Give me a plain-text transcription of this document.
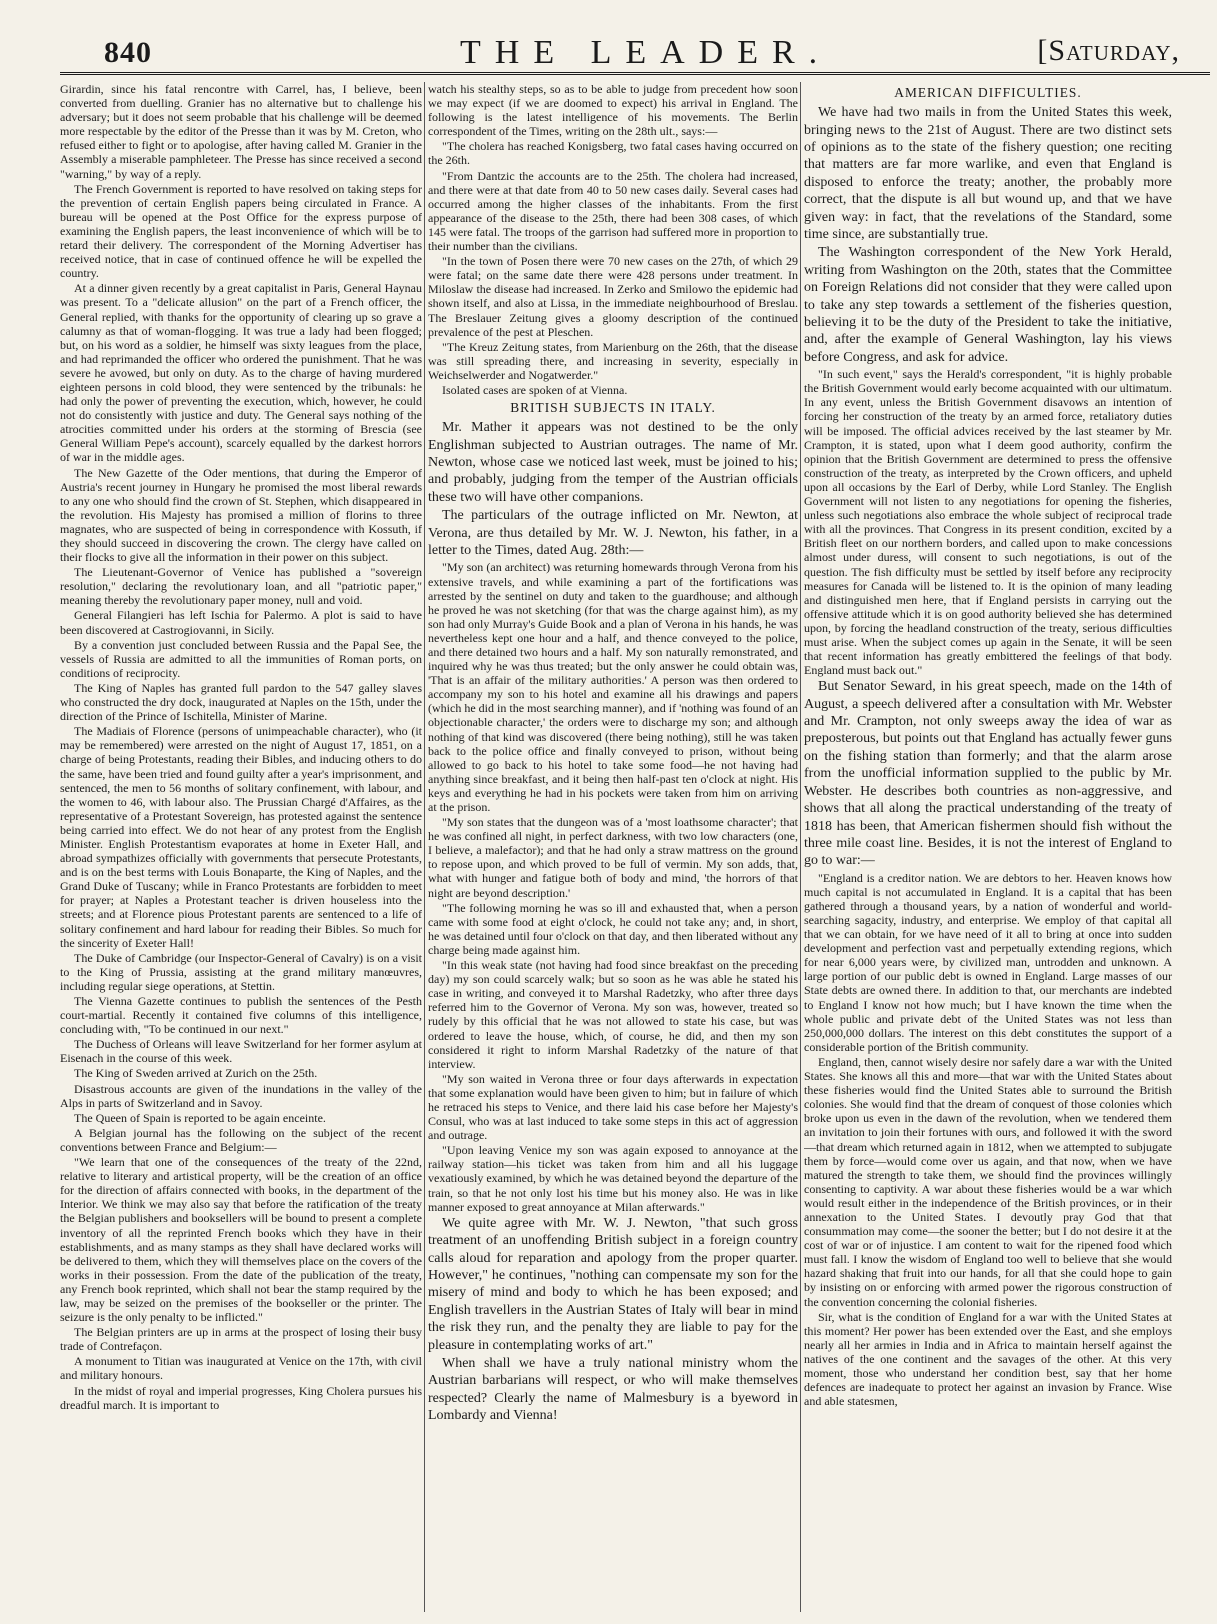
840	THE LEADER.	[Saturday,

Girardin, since his fatal rencontre with Carrel, has, I believe, been converted from duelling. Granier has no alternative but to challenge his adversary; but it does not seem probable that his challenge will be deemed more respectable by the editor of the Presse than it was by M. Creton, who refused either to fight or to apologise, after having called M. Granier in the Assembly a miserable pamphleteer. The Presse has since received a second "warning," by way of a reply.

The French Government is reported to have resolved on taking steps for the prevention of certain English papers being circulated in France. A bureau will be opened at the Post Office for the express purpose of examining the English papers, the least inconvenience of which will be to retard their delivery. The correspondent of the Morning Advertiser has received notice, that in case of continued offence he will be expelled the country.

At a dinner given recently by a great capitalist in Paris, General Haynau was present. To a "delicate allusion" on the part of a French officer, the General replied, with thanks for the opportunity of clearing up so grave a calumny as that of woman-flogging. It was true a lady had been flogged; but, on his word as a soldier, he himself was sixty leagues from the place, and had reprimanded the officer who ordered the punishment. That he was severe he avowed, but only on duty. As to the charge of having murdered eighteen persons in cold blood, they were sentenced by the tribunals: he had only the power of preventing the execution, which, however, he could not do consistently with justice and duty. The General says nothing of the atrocities committed under his orders at the storming of Brescia (see General William Pepe's account), scarcely equalled by the darkest horrors of war in the middle ages.

The New Gazette of the Oder mentions, that during the Emperor of Austria's recent journey in Hungary he promised the most liberal rewards to any one who should find the crown of St. Stephen, which disappeared in the revolution. His Majesty has promised a million of florins to three magnates, who are suspected of being in correspondence with Kossuth, if they should succeed in discovering the crown. The clergy have called on their flocks to give all the information in their power on this subject.

The Lieutenant-Governor of Venice has published a "sovereign resolution," declaring the revolutionary loan, and all "patriotic paper," meaning thereby the revolutionary paper money, null and void.

General Filangieri has left Ischia for Palermo. A plot is said to have been discovered at Castrogiovanni, in Sicily.

By a convention just concluded between Russia and the Papal See, the vessels of Russia are admitted to all the immunities of Roman ports, on conditions of reciprocity.

The King of Naples has granted full pardon to the 547 galley slaves who constructed the dry dock, inaugurated at Naples on the 15th, under the direction of the Prince of Ischitella, Minister of Marine.

The Madiais of Florence (persons of unimpeachable character), who (it may be remembered) were arrested on the night of August 17, 1851, on a charge of being Protestants, reading their Bibles, and inducing others to do the same, have been tried and found guilty after a year's imprisonment, and sentenced, the men to 56 months of solitary confinement, with labour, and the women to 46, with labour also. The Prussian Chargé d'Affaires, as the representative of a Protestant Sovereign, has protested against the sentence being carried into effect. We do not hear of any protest from the English Minister. English Protestantism evaporates at home in Exeter Hall, and abroad sympathizes officially with governments that persecute Protestants, and is on the best terms with Louis Bonaparte, the King of Naples, and the Grand Duke of Tuscany; while in Franco Protestants are forbidden to meet for prayer; at Naples a Protestant teacher is driven houseless into the streets; and at Florence pious Protestant parents are sentenced to a life of solitary confinement and hard labour for reading their Bibles. So much for the sincerity of Exeter Hall!

The Duke of Cambridge (our Inspector-General of Cavalry) is on a visit to the King of Prussia, assisting at the grand military manœuvres, including regular siege operations, at Stettin.

The Vienna Gazette continues to publish the sentences of the Pesth court-martial. Recently it contained five columns of this intelligence, concluding with, "To be continued in our next."

The Duchess of Orleans will leave Switzerland for her former asylum at Eisenach in the course of this week.

The King of Sweden arrived at Zurich on the 25th.

Disastrous accounts are given of the inundations in the valley of the Alps in parts of Switzerland and in Savoy.

The Queen of Spain is reported to be again enceinte.

A Belgian journal has the following on the subject of the recent conventions between France and Belgium:—

"We learn that one of the consequences of the treaty of the 22nd, relative to literary and artistical property, will be the creation of an office for the direction of affairs connected with books, in the department of the Interior. We think we may also say that before the ratification of the treaty the Belgian publishers and booksellers will be bound to present a complete inventory of all the reprinted French books which they have in their establishments, and as many stamps as they shall have declared works will be delivered to them, which they will themselves place on the covers of the works in their possession. From the date of the publication of the treaty, any French book reprinted, which shall not bear the stamp required by the law, may be seized on the premises of the bookseller or the printer. The seizure is the only penalty to be inflicted."

The Belgian printers are up in arms at the prospect of losing their busy trade of Contrefaçon.

A monument to Titian was inaugurated at Venice on the 17th, with civil and military honours.

In the midst of royal and imperial progresses, King Cholera pursues his dreadful march. It is important to

watch his stealthy steps, so as to be able to judge from precedent how soon we may expect (if we are doomed to expect) his arrival in England. The following is the latest intelligence of his movements. The Berlin correspondent of the Times, writing on the 28th ult., says:—

"The cholera has reached Konigsberg, two fatal cases having occurred on the 26th.

"From Dantzic the accounts are to the 25th. The cholera had increased, and there were at that date from 40 to 50 new cases daily. Several cases had occurred among the higher classes of the inhabitants. From the first appearance of the disease to the 25th, there had been 308 cases, of which 145 were fatal. The troops of the garrison had suffered more in proportion to their number than the civilians.

"In the town of Posen there were 70 new cases on the 27th, of which 29 were fatal; on the same date there were 428 persons under treatment. In Miloslaw the disease had increased. In Zerko and Smilowo the epidemic had shown itself, and also at Lissa, in the immediate neighbourhood of Breslau. The Breslauer Zeitung gives a gloomy description of the continued prevalence of the pest at Pleschen.

"The Kreuz Zeitung states, from Marienburg on the 26th, that the disease was still spreading there, and increasing in severity, especially in Weichselwerder and Nogatwerder."

Isolated cases are spoken of at Vienna.

BRITISH SUBJECTS IN ITALY.

Mr. Mather it appears was not destined to be the only Englishman subjected to Austrian outrages. The name of Mr. Newton, whose case we noticed last week, must be joined to his; and probably, judging from the temper of the Austrian officials these two will have other companions.

The particulars of the outrage inflicted on Mr. Newton, at Verona, are thus detailed by Mr. W. J. Newton, his father, in a letter to the Times, dated Aug. 28th:—

"My son (an architect) was returning homewards through Verona from his extensive travels, and while examining a part of the fortifications was arrested by the sentinel on duty and taken to the guardhouse; and although he proved he was not sketching (for that was the charge against him), as my son had only Murray's Guide Book and a plan of Verona in his hands, he was nevertheless kept one hour and a half, and thence conveyed to the police, and there detained two hours and a half. My son naturally remonstrated, and inquired why he was thus treated; but the only answer he could obtain was, 'That is an affair of the military authorities.' A person was then ordered to accompany my son to his hotel and examine all his drawings and papers (which he did in the most searching manner), and if 'nothing was found of an objectionable character,' the orders were to discharge my son; and although nothing of that kind was discovered (there being nothing), still he was taken back to the police office and finally conveyed to prison, without being allowed to go back to his hotel to take some food—he not having had anything since breakfast, and it being then half-past ten o'clock at night. His keys and everything he had in his pockets were taken from him on arriving at the prison.

"My son states that the dungeon was of a 'most loathsome character'; that he was confined all night, in perfect darkness, with two low characters (one, I believe, a malefactor); and that he had only a straw mattress on the ground to repose upon, and which proved to be full of vermin. My son adds, that, what with hunger and fatigue both of body and mind, 'the horrors of that night are beyond description.'

"The following morning he was so ill and exhausted that, when a person came with some food at eight o'clock, he could not take any; and, in short, he was detained until four o'clock on that day, and then liberated without any charge being made against him.

"In this weak state (not having had food since breakfast on the preceding day) my son could scarcely walk; but so soon as he was able he stated his case in writing, and conveyed it to Marshal Radetzky, who after three days referred him to the Governor of Verona. My son was, however, treated so rudely by this official that he was not allowed to state his case, but was ordered to leave the house, which, of course, he did, and then my son considered it right to inform Marshal Radetzky of the nature of that interview.

"My son waited in Verona three or four days afterwards in expectation that some explanation would have been given to him; but in failure of which he retraced his steps to Venice, and there laid his case before her Majesty's Consul, who was at last induced to take some steps in this act of aggression and outrage.

"Upon leaving Venice my son was again exposed to annoyance at the railway station—his ticket was taken from him and all his luggage vexatiously examined, by which he was detained beyond the departure of the train, so that he not only lost his time but his money also. He was in like manner exposed to great annoyance at Milan afterwards."

We quite agree with Mr. W. J. Newton, "that such gross treatment of an unoffending British subject in a foreign country calls aloud for reparation and apology from the proper quarter. However," he continues, "nothing can compensate my son for the misery of mind and body to which he has been exposed; and English travellers in the Austrian States of Italy will bear in mind the risk they run, and the penalty they are liable to pay for the pleasure in contemplating works of art."

When shall we have a truly national ministry whom the Austrian barbarians will respect, or who will make themselves respected? Clearly the name of Malmesbury is a byeword in Lombardy and Vienna!

AMERICAN DIFFICULTIES.

We have had two mails in from the United States this week, bringing news to the 21st of August. There are two distinct sets of opinions as to the state of the fishery question; one reciting that matters are far more warlike, and even that England is disposed to enforce the treaty; another, the probably more correct, that the dispute is all but wound up, and that we have given way: in fact, that the revelations of the Standard, some time since, are substantially true.

The Washington correspondent of the New York Herald, writing from Washington on the 20th, states that the Committee on Foreign Relations did not consider that they were called upon to take any step towards a settlement of the fisheries question, believing it to be the duty of the President to take the initiative, and, after the example of General Washington, lay his views before Congress, and ask for advice.

"In such event," says the Herald's correspondent, "it is highly probable the British Government would early become acquainted with our ultimatum. In any event, unless the British Government disavows an intention of forcing her construction of the treaty by an armed force, retaliatory duties will be imposed. The official advices received by the last steamer by Mr. Crampton, it is stated, upon what I deem good authority, confirm the opinion that the British Government are determined to press the offensive construction of the treaty, as interpreted by the Crown officers, and upheld upon all occasions by the Earl of Derby, while Lord Stanley. The English Government will not listen to any negotiations for opening the fisheries, unless such negotiations also embrace the whole subject of reciprocal trade with all the provinces. That Congress in its present condition, excited by a British fleet on our northern borders, and called upon to make concessions almost under duress, will consent to such negotiations, is out of the question. The fish difficulty must be settled by itself before any reciprocity measures for Canada will be listened to. It is the opinion of many leading and distinguished men here, that if England persists in carrying out the offensive attitude which it is on good authority believed she has determined upon, by forcing the headland construction of the treaty, serious difficulties must arise. When the subject comes up again in the Senate, it will be seen that recent information has greatly embittered the feelings of that body. England must back out."

But Senator Seward, in his great speech, made on the 14th of August, a speech delivered after a consultation with Mr. Webster and Mr. Crampton, not only sweeps away the idea of war as preposterous, but points out that England has actually fewer guns on the fishing station than formerly; and that the alarm arose from the unofficial information supplied to the public by Mr. Webster. He describes both countries as non-aggressive, and shows that all along the practical understanding of the treaty of 1818 has been, that American fishermen should fish without the three mile coast line. Besides, it is not the interest of England to go to war:—

"England is a creditor nation. We are debtors to her. Heaven knows how much capital is not accumulated in England. It is a capital that has been gathered through a thousand years, by a nation of wonderful and world-searching sagacity, industry, and enterprise. We employ of that capital all that we can obtain, for we have need of it all to bring at once into sudden development and perfection vast and perpetually extending regions, which for near 6,000 years were, by civilized man, untrodden and unknown. A large portion of our public debt is owned in England. Large masses of our State debts are owned there. In addition to that, our merchants are indebted to England I know not how much; but I have known the time when the whole public and private debt of the United States was not less than 250,000,000 dollars. The interest on this debt constitutes the support of a considerable portion of the British community.

England, then, cannot wisely desire nor safely dare a war with the United States. She knows all this and more—that war with the United States about these fisheries would find the United States able to surround the British colonies. She would find that the dream of conquest of those colonies which broke upon us even in the dawn of the revolution, when we tendered them an invitation to join their fortunes with ours, and followed it with the sword—that dream which returned again in 1812, when we attempted to subjugate them by force—would come over us again, and that now, when we have matured the strength to take them, we should find the provinces willingly consenting to captivity. A war about these fisheries would be a war which would result either in the independence of the British provinces, or in their annexation to the United States. I devoutly pray God that that consummation may come—the sooner the better; but I do not desire it at the cost of war or of injustice. I am content to wait for the ripened food which must fall. I know the wisdom of England too well to believe that she would hazard shaking that fruit into our hands, for all that she could hope to gain by insisting on or enforcing with armed power the rigorous construction of the convention concerning the colonial fisheries.

Sir, what is the condition of England for a war with the United States at this moment? Her power has been extended over the East, and she employs nearly all her armies in India and in Africa to maintain herself against the natives of the one continent and the savages of the other. At this very moment, those who understand her condition best, say that her home defences are inadequate to protect her against an invasion by France. Wise and able statesmen,
